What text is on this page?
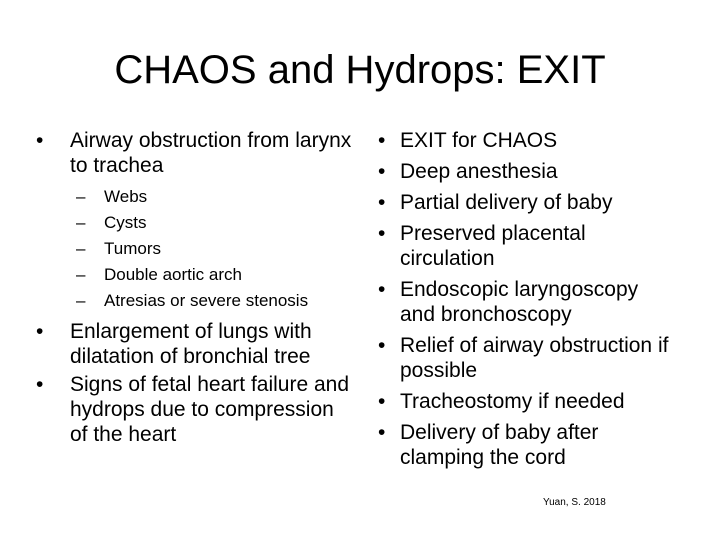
CHAOS and Hydrops: EXIT
•	Airway obstruction from larynx to trachea
– Webs
– Cysts
– Tumors
– Double aortic arch
– Atresias or severe stenosis
•	Enlargement of lungs with dilatation of bronchial tree
•	Signs of fetal heart failure and hydrops due to compression of the heart
• EXIT for CHAOS
• Deep anesthesia
• Partial delivery of baby
• Preserved placental circulation
• Endoscopic laryngoscopy and bronchoscopy
• Relief of airway obstruction if possible
• Tracheostomy if needed
• Delivery of baby after clamping the cord
Yuan, S. 2018
